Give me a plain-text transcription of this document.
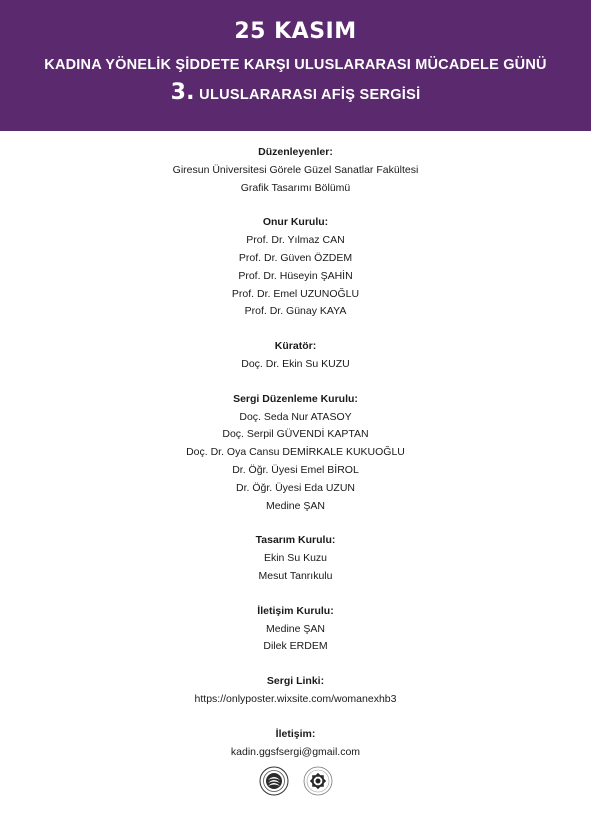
25 KASIM
KADINA YÖNELİK ŞİDDETE KARŞI ULUSLARARASI MÜCADELE GÜNÜ
3. ULUSLARARASI AFİŞ SERGİSİ
Düzenleyenler:
Giresun Üniversitesi Görele Güzel Sanatlar Fakültesi
Grafik Tasarımı Bölümü
Onur Kurulu:
Prof. Dr. Yılmaz CAN
Prof. Dr. Güven ÖZDEM
Prof. Dr. Hüseyin ŞAHİN
Prof. Dr. Emel UZUNOĞLU
Prof. Dr. Günay KAYA
Küratör:
Doç. Dr. Ekin Su KUZU
Sergi Düzenleme Kurulu:
Doç. Seda Nur ATASOY
Doç. Serpil GÜVENDİ KAPTAN
Doç. Dr. Oya Cansu DEMİRKALE KUKUOĞLU
Dr. Öğr. Üyesi Emel BİROL
Dr. Öğr. Üyesi Eda UZUN
Medine ŞAN
Tasarım Kurulu:
Ekin Su Kuzu
Mesut Tanrıkulu
İletişim Kurulu:
Medine ŞAN
Dilek ERDEM
Sergi Linki:
https://onlyposter.wixsite.com/womanexhb3
İletişim:
kadin.ggsfsergi@gmail.com
